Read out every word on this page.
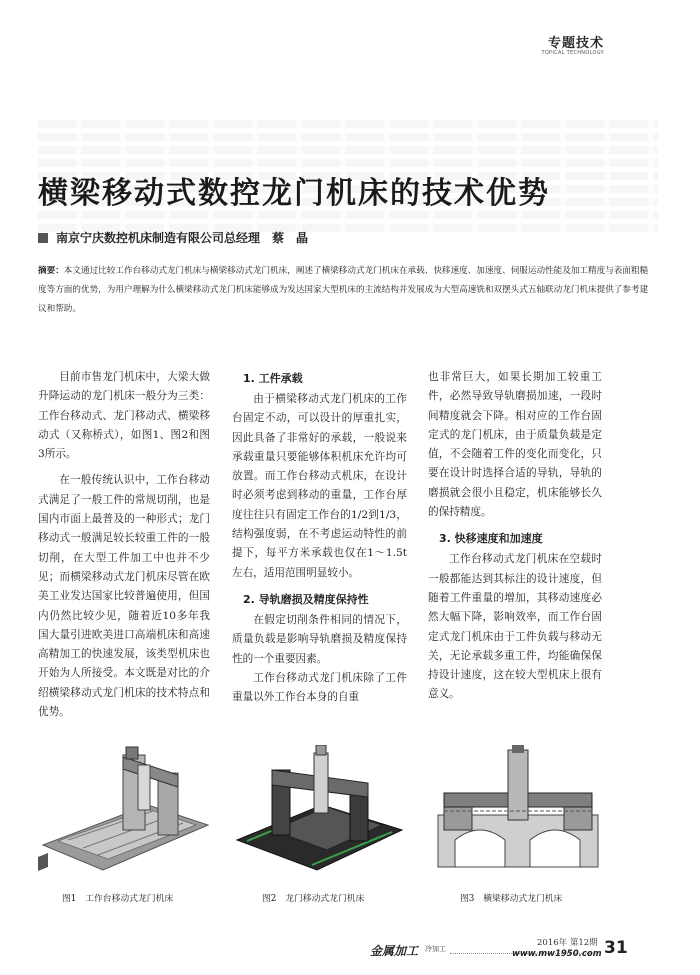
专题技术
TOPICAL TECHNOLOGY
横梁移动式数控龙门机床的技术优势
南京宁庆数控机床制造有限公司总经理　蔡　晶
摘要：本文通过比较工作台移动式龙门机床与横梁移动式龙门机床，阐述了横梁移动式龙门机床在承载、快移速度、加速度、伺服运动性能及加工精度与表面粗糙度等方面的优势，为用户理解为什么横梁移动式龙门机床能够成为发达国家大型机床的主流结构并发展成为大型高速铣和双摆头式五轴联动龙门机床提供了参考建议和帮助。

目前市售龙门机床中，大梁大做升降运动的龙门机床一般分为三类：工作台移动式、龙门移动式、横梁移动式（又称桥式），如图1、图2和图3所示。

在一般传统认识中，工作台移动式满足了一般工件的常规切削，也是国内市面上最普及的一种形式；龙门移动式一般满足较长较重工件的一般切削，在大型工件加工中也并不少见；而横梁移动式龙门机床尽管在欧美工业发达国家比较普遍使用，但国内仍然比较少见，随着近10多年我国大量引进欧美进口高端机床和高速高精加工的快速发展，该类型机床也开始为人所接受。本文既是对比的介绍横梁移动式龙门机床的技术特点和优势。

1. 工件承载

由于横梁移动式龙门机床的工作台固定不动，可以设计的厚重扎实，因此具备了非常好的承载，一般说来承载重量只要能够体积机床允许均可放置。而工作台移动式机床，在设计时必须考虑到移动的重量，工作台厚度往往只有固定工作台的1/2到1/3，结构强度弱，在不考虑运动特性的前提下，每平方米承载也仅在1～1.5t左右，适用范围明显较小。

2. 导轨磨损及精度保持性

在假定切削条件相同的情况下，质量负载是影响导轨磨损及精度保持性的一个重要因素。

工作台移动式龙门机床除了工件重量以外工作台本身的自重

也非常巨大，如果长期加工较重工件，必然导致导轨磨损加速，一段时间精度就会下降。相对应的工作台固定式的龙门机床，由于质量负载是定值，不会随着工件的变化而变化，只要在设计时选择合适的导轨，导轨的磨损就会很小且稳定，机床能够长久的保持精度。

3. 快移速度和加速度

工作台移动式龙门机床在空载时一般都能达到其标注的设计速度，但随着工件重量的增加，其移动速度必然大幅下降，影响效率，而工作台固定式龙门机床由于工件负载与移动无关，无论承载多重工件，均能确保保持设计速度，这在较大型机床上很有意义。

图1　工作台移动式龙门机床	图2　龙门移动式龙门机床	图3　横梁移动式龙门机床
金属加工 冷加工
2016年 第12期
www.mw1950.com 31
